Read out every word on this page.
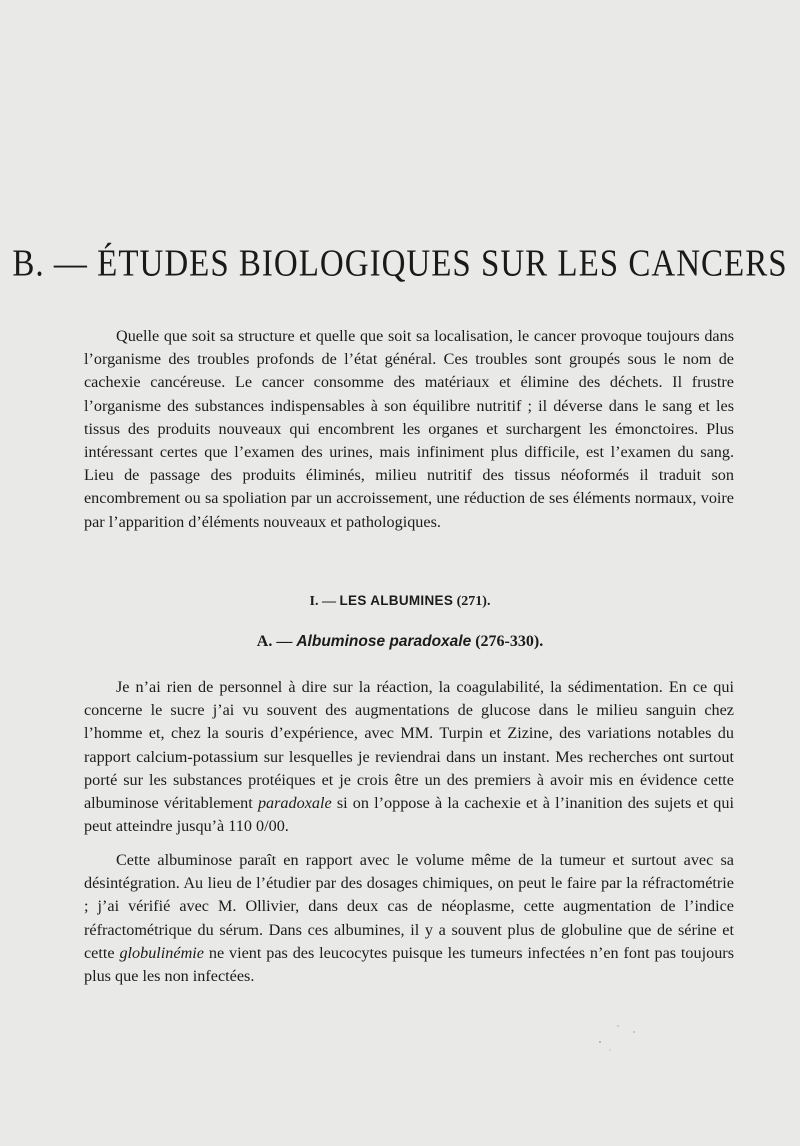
B. — ÉTUDES BIOLOGIQUES SUR LES CANCERS

Quelle que soit sa structure et quelle que soit sa localisation, le cancer provoque toujours dans l’organisme des troubles profonds de l’état général. Ces troubles sont groupés sous le nom de cachexie cancéreuse. Le cancer consomme des matériaux et élimine des déchets. Il frustre l’organisme des substances indispensables à son équilibre nutritif ; il déverse dans le sang et les tissus des produits nouveaux qui encombrent les organes et surchargent les émonctoires. Plus intéressant certes que l’examen des urines, mais infiniment plus difficile, est l’examen du sang. Lieu de passage des produits éliminés, milieu nutritif des tissus néoformés il traduit son encombrement ou sa spoliation par un accroissement, une réduction de ses éléments normaux, voire par l’apparition d’éléments nouveaux et pathologiques.

I. — LES ALBUMINES (271).
A. — Albuminose paradoxale (276-330).

Je n’ai rien de personnel à dire sur la réaction, la coagulabilité, la sédimentation. En ce qui concerne le sucre j’ai vu souvent des augmentations de glucose dans le milieu sanguin chez l’homme et, chez la souris d’expérience, avec MM. Turpin et Zizine, des variations notables du rapport calcium-potassium sur lesquelles je reviendrai dans un instant. Mes recherches ont surtout porté sur les substances protéiques et je crois être un des premiers à avoir mis en évidence cette albuminose véritablement paradoxale si on l’oppose à la cachexie et à l’inanition des sujets et qui peut atteindre jusqu’à 110 0/00.

Cette albuminose paraît en rapport avec le volume même de la tumeur et surtout avec sa désintégration. Au lieu de l’étudier par des dosages chimiques, on peut le faire par la réfractométrie ; j’ai vérifié avec M. Ollivier, dans deux cas de néoplasme, cette augmentation de l’indice réfractométrique du sérum. Dans ces albumines, il y a souvent plus de globuline que de sérine et cette globulinémie ne vient pas des leucocytes puisque les tumeurs infectées n’en font pas toujours plus que les non infectées.
